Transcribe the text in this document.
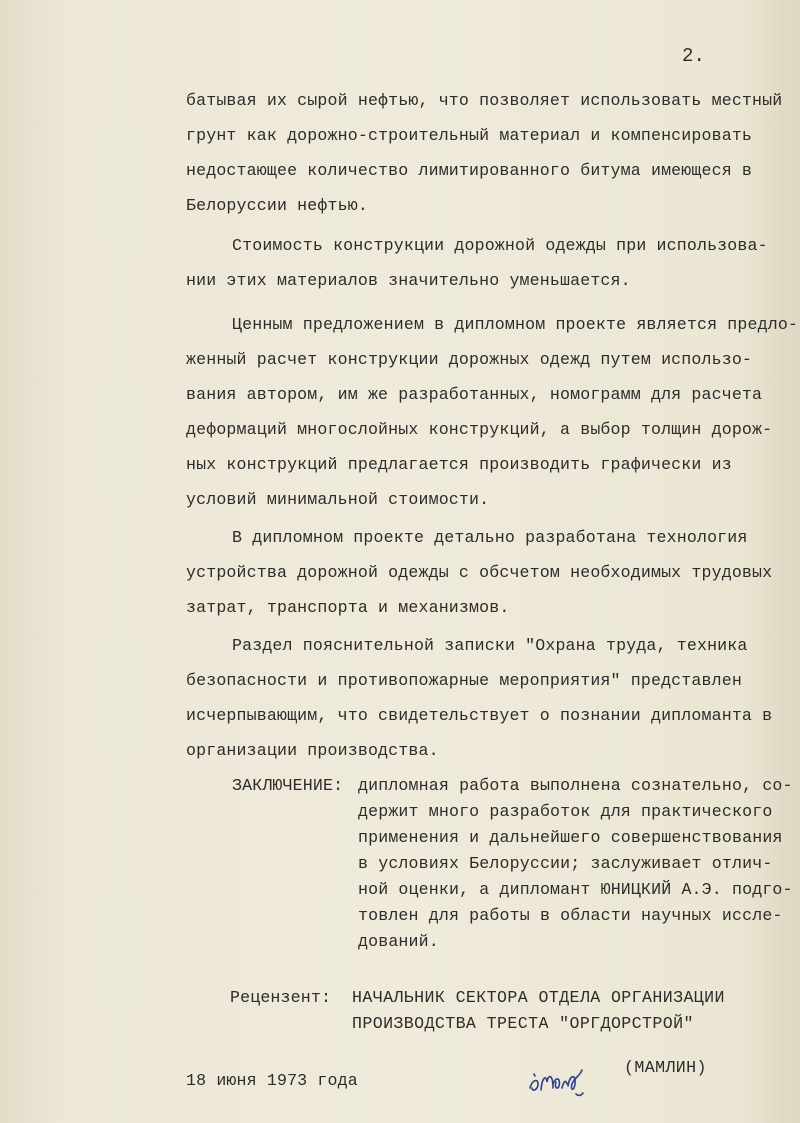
2.
батывая их сырой нефтью, что позволяет использовать местный
грунт как дорожно-строительный материал и компенсировать
недостающее количество лимитированного битума имеющеся в
Белоруссии нефтью.
Стоимость конструкции дорожной одежды при использова-
нии этих материалов значительно уменьшается.
Ценным предложением в дипломном проекте является предло-
женный расчет конструкции дорожных одежд путем использо-
вания автором, им же разработанных, номограмм для расчета
деформаций многослойных конструкций, а выбор толщин дорож-
ных конструкций предлагается производить графически из
условий минимальной стоимости.
В дипломном проекте детально разработана технология
устройства дорожной одежды с обсчетом необходимых трудовых
затрат, транспорта и механизмов.
Раздел пояснительной записки "Охрана труда, техника
безопасности и противопожарные мероприятия" представлен
исчерпывающим, что свидетельствует о познании дипломанта в
организации производства.
ЗАКЛЮЧЕНИЕ: дипломная работа выполнена сознательно, со-
держит много разработок для практического
применения и дальнейшего совершенствования
в условиях Белоруссии; заслуживает отлич-
ной оценки, а дипломант ЮНИЦКИЙ А.Э. подго-
товлен для работы в области научных иссле-
дований.
Рецензент: НАЧАЛЬНИК СЕКТОРА ОТДЕЛА ОРГАНИЗАЦИИ
ПРОИЗВОДСТВА ТРЕСТА "ОРГДОРСТРОЙ"
18 июня 1973 года
(МАМЛИН)
